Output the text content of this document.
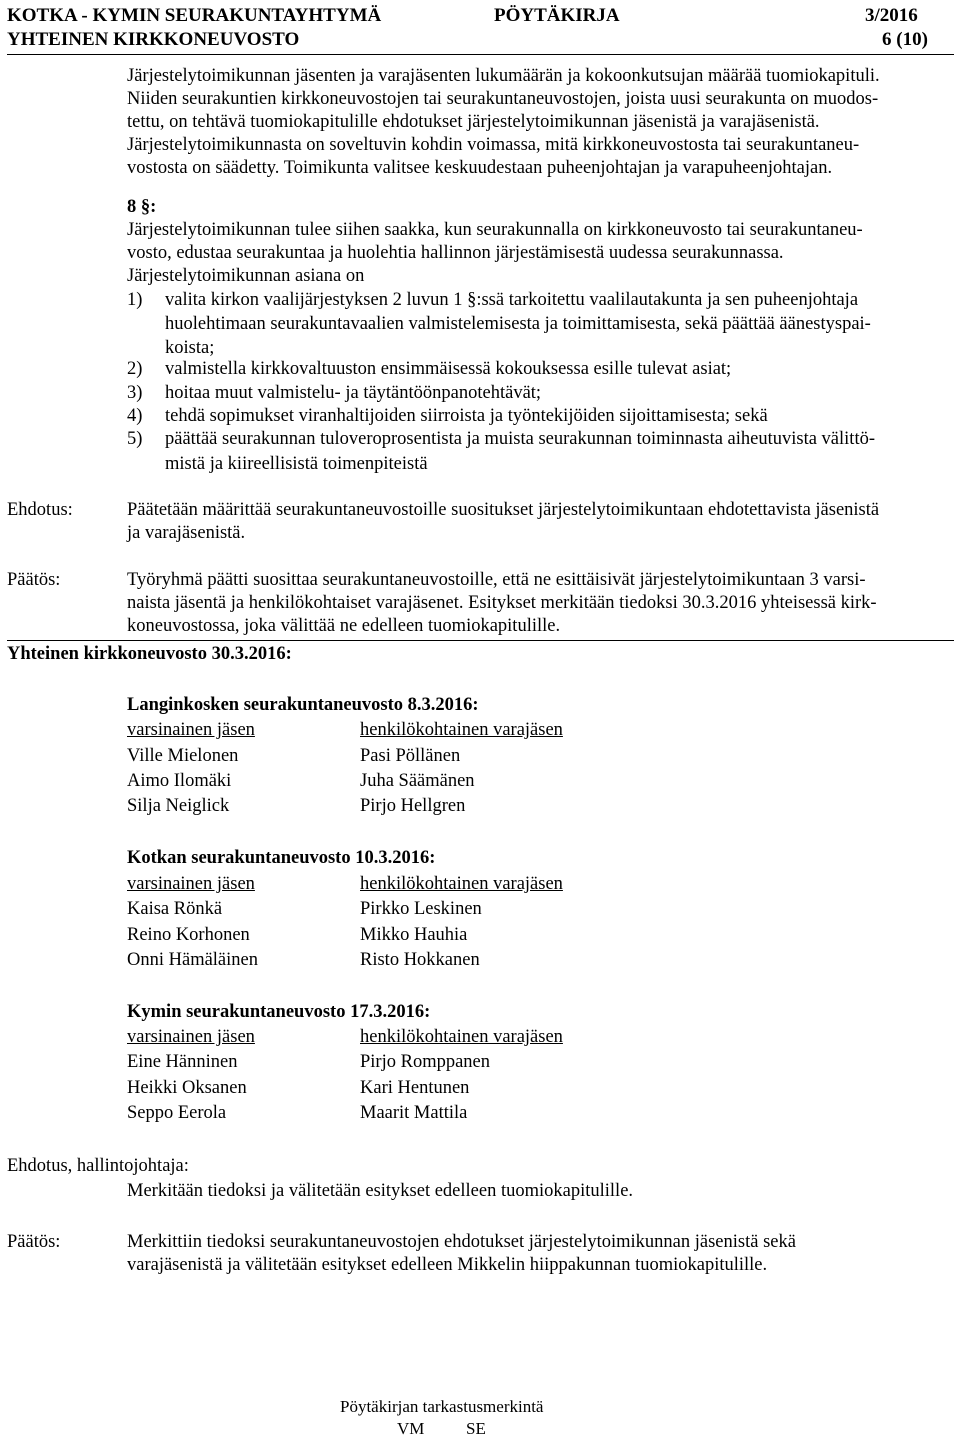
KOTKA - KYMIN SEURAKUNTAYHTYMÄ	PÖYTÄKIRJA	3/2016
YHTEINEN KIRKKONEUVOSTO	6 (10)
Järjestelytoimikunnan jäsenten ja varajäsenten lukumäärän ja kokoonkutsujan määrää tuomiokapituli.
Niiden seurakuntien kirkkoneuvostojen tai seurakuntaneuvostojen, joista uusi seurakunta on muodos-
tettu, on tehtävä tuomiokapitulille ehdotukset järjestelytoimikunnan jäsenistä ja varajäsenistä.
Järjestelytoimikunnasta on soveltuvin kohdin voimassa, mitä kirkkoneuvostosta tai seurakuntaneu-
vostosta on säädetty. Toimikunta valitsee keskuudestaan puheenjohtajan ja varapuheenjohtajan.
8 §:
Järjestelytoimikunnan tulee siihen saakka, kun seurakunnalla on kirkkoneuvosto tai seurakuntaneu-
vosto, edustaa seurakuntaa ja huolehtia hallinnon järjestämisestä uudessa seurakunnassa.
Järjestelytoimikunnan asiana on
1) valita kirkon vaalijärjestyksen 2 luvun 1 §:ssä tarkoitettu vaalilautakunta ja sen puheenjohtaja
huolehtimaan seurakuntavaalien valmistelemisesta ja toimittamisesta, sekä päättää äänestyspai-
koista;
2) valmistella kirkkovaltuuston ensimmäisessä kokouksessa esille tulevat asiat;
3) hoitaa muut valmistelu- ja täytäntöönpanotehtävät;
4) tehdä sopimukset viranhaltijoiden siirroista ja työntekijöiden sijoittamisesta; sekä
5) päättää seurakunnan tuloveroprosentista ja muista seurakunnan toiminnasta aiheutuvista välittö-
mistä ja kiireellisistä toimenpiteistä
Ehdotus:	Päätetään määrittää seurakuntaneuvostoille suositukset järjestelytoimikuntaan ehdotettavista jäsenistä
ja varajäsenistä.
Päätös:	Työryhmä päätti suosittaa seurakuntaneuvostoille, että ne esittäisivät järjestelytoimikuntaan 3 varsi-
naista jäsentä ja henkilökohtaiset varajäsenet. Esitykset merkitään tiedoksi 30.3.2016 yhteisessä kirk-
koneuvostossa, joka välittää ne edelleen tuomiokapitulille.
Yhteinen kirkkoneuvosto 30.3.2016:
Langinkosken seurakuntaneuvosto 8.3.2016:
varsinainen jäsen	henkilökohtainen varajäsen
Ville Mielonen	Pasi Pöllänen
Aimo Ilomäki	Juha Säämänen
Silja Neiglick	Pirjo Hellgren
Kotkan seurakuntaneuvosto 10.3.2016:
varsinainen jäsen	henkilökohtainen varajäsen
Kaisa Rönkä	Pirkko Leskinen
Reino Korhonen	Mikko Hauhia
Onni Hämäläinen	Risto Hokkanen
Kymin seurakuntaneuvosto 17.3.2016:
varsinainen jäsen	henkilökohtainen varajäsen
Eine Hänninen	Pirjo Romppanen
Heikki Oksanen	Kari Hentunen
Seppo Eerola	Maarit Mattila
Ehdotus, hallintojohtaja:
Merkitään tiedoksi ja välitetään esitykset edelleen tuomiokapitulille.
Päätös:	Merkittiin tiedoksi seurakuntaneuvostojen ehdotukset järjestelytoimikunnan jäsenistä sekä
varajäsenistä ja välitetään esitykset edelleen Mikkelin hiippakunnan tuomiokapitulille.
Pöytäkirjan tarkastusmerkintä
VM SE
